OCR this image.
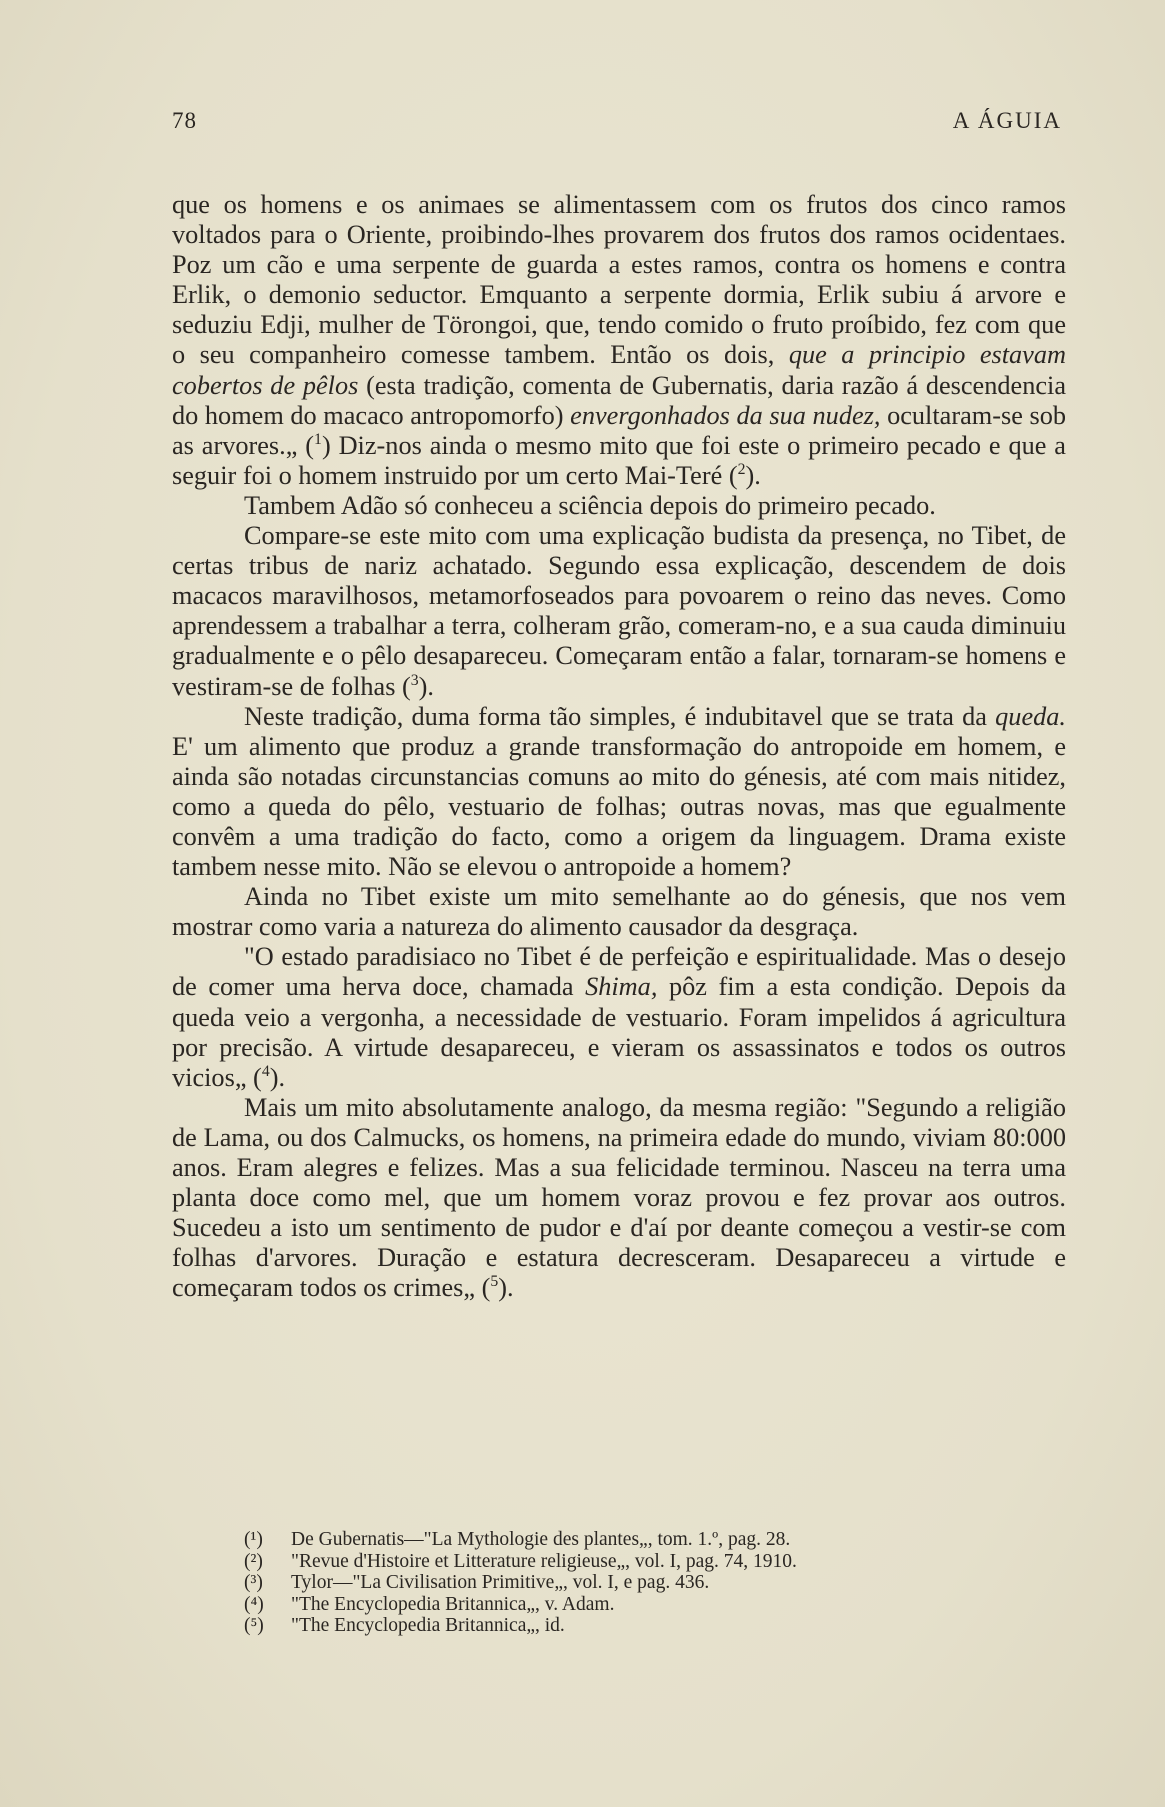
78	A ÁGUIA

que os homens e os animaes se alimentassem com os frutos dos cinco ramos voltados para o Oriente, proibindo-lhes provarem dos frutos dos ramos ocidentaes. Poz um cão e uma serpente de guarda a estes ramos, contra os homens e contra Erlik, o demonio seductor. Emquanto a serpente dormia, Erlik subiu á arvore e seduziu Edji, mulher de Törongoi, que, tendo comido o fruto proíbido, fez com que o seu companheiro comesse tambem. Então os dois, que a principio estavam cobertos de pêlos (esta tradição, comenta de Gubernatis, daria razão á descendencia do homem do macaco antropomorfo) envergonhados da sua nudez, ocultaram-se sob as arvores.„ ($^1$) Diz-nos ainda o mesmo mito que foi este o primeiro pecado e que a seguir foi o homem instruido por um certo Mai-Teré ($^2$).

Tambem Adão só conheceu a sciência depois do primeiro pecado.

Compare-se este mito com uma explicação budista da presença, no Tibet, de certas tribus de nariz achatado. Segundo essa explicação, descendem de dois macacos maravilhosos, metamorfoseados para povoarem o reino das neves. Como aprendessem a trabalhar a terra, colheram grão, comeram-no, e a sua cauda diminuiu gradualmente e o pêlo desapareceu. Começaram então a falar, tornaram-se homens e vestiram-se de folhas ($^3$).

Neste tradição, duma forma tão simples, é indubitavel que se trata da queda. E' um alimento que produz a grande transformação do antropoide em homem, e ainda são notadas circunstancias comuns ao mito do génesis, até com mais nitidez, como a queda do pêlo, vestuario de folhas; outras novas, mas que egualmente convêm a uma tradição do facto, como a origem da linguagem. Drama existe tambem nesse mito. Não se elevou o antropoide a homem?

Ainda no Tibet existe um mito semelhante ao do génesis, que nos vem mostrar como varia a natureza do alimento causador da desgraça.

"O estado paradisiaco no Tibet é de perfeição e espiritualidade. Mas o desejo de comer uma herva doce, chamada Shima, pôz fim a esta condição. Depois da queda veio a vergonha, a necessidade de vestuario. Foram impelidos á agricultura por precisão. A virtude desapareceu, e vieram os assassinatos e todos os outros vicios„ ($^4$).

Mais um mito absolutamente analogo, da mesma região: "Segundo a religião de Lama, ou dos Calmucks, os homens, na primeira edade do mundo, viviam 80:000 anos. Eram alegres e felizes. Mas a sua felicidade terminou. Nasceu na terra uma planta doce como mel, que um homem voraz provou e fez provar aos outros. Sucedeu a isto um sentimento de pudor e d'aí por deante começou a vestir-se com folhas d'arvores. Duração e estatura decresceram. Desapareceu a virtude e começaram todos os crimes„ ($^5$).

(¹)	De Gubernatis—"La Mythologie des plantes„, tom. 1.º, pag. 28.
(²)	"Revue d'Histoire et Litterature religieuse„, vol. I, pag. 74, 1910.
(³)	Tylor—"La Civilisation Primitive„, vol. I, e pag. 436.
(⁴)	"The Encyclopedia Britannica„, v. Adam.
(⁵)	"The Encyclopedia Britannica„, id.
